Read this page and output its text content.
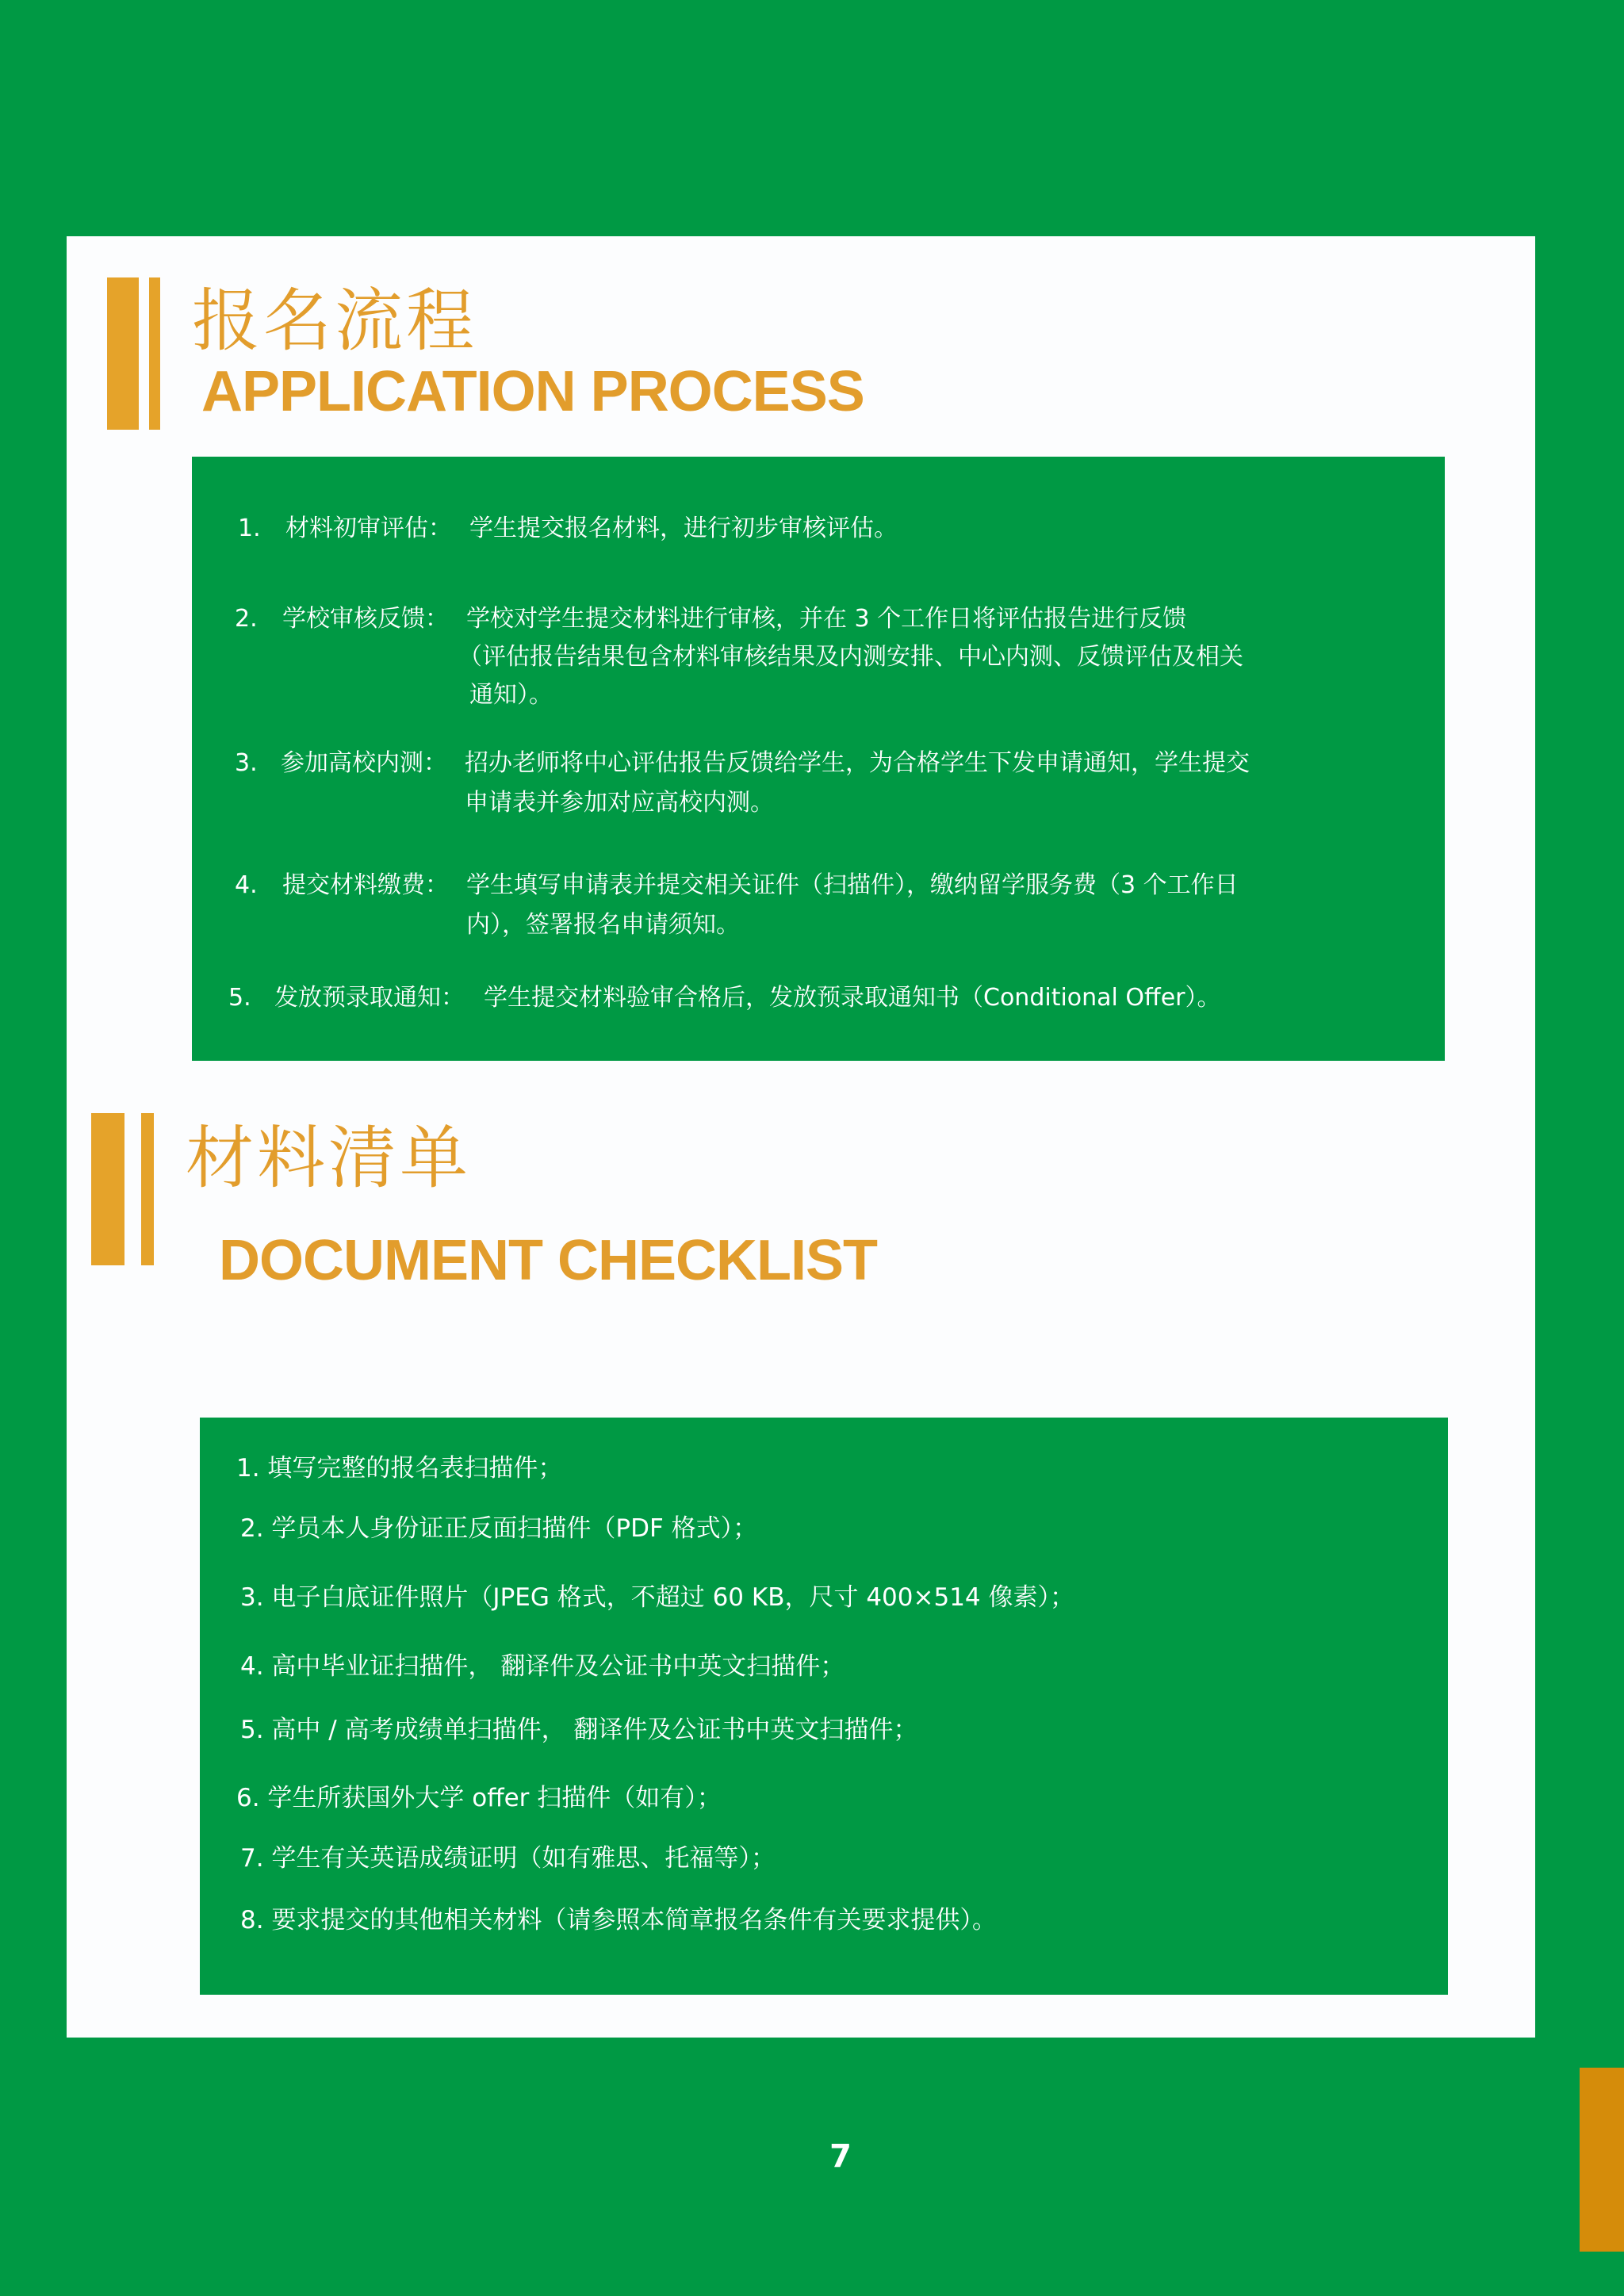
报名流程
APPLICATION PROCESS
1. 材料初审评估： 学生提交报名材料，进行初步审核评估。
2. 学校审核反馈： 学校对学生提交材料进行审核，并在 3 个工作日将评估报告进行反馈
（评估报告结果包含材料审核结果及内测安排、中心内测、反馈评估及相关
通知）。
3. 参加高校内测： 招办老师将中心评估报告反馈给学生，为合格学生下发申请通知，学生提交
申请表并参加对应高校内测。
4. 提交材料缴费： 学生填写申请表并提交相关证件（扫描件），缴纳留学服务费（3 个工作日
内），签署报名申请须知。
5. 发放预录取通知： 学生提交材料验审合格后，发放预录取通知书（Conditional Offer）。
材料清单
DOCUMENT CHECKLIST
1. 填写完整的报名表扫描件；
2. 学员本人身份证正反面扫描件（PDF 格式）；
3. 电子白底证件照片（JPEG 格式，不超过 60 KB，尺寸 400×514 像素）；
4. 高中毕业证扫描件， 翻译件及公证书中英文扫描件；
5. 高中 / 高考成绩单扫描件， 翻译件及公证书中英文扫描件；
6. 学生所获国外大学 offer 扫描件（如有）；
7. 学生有关英语成绩证明（如有雅思、托福等）；
8. 要求提交的其他相关材料（请参照本简章报名条件有关要求提供）。
7
